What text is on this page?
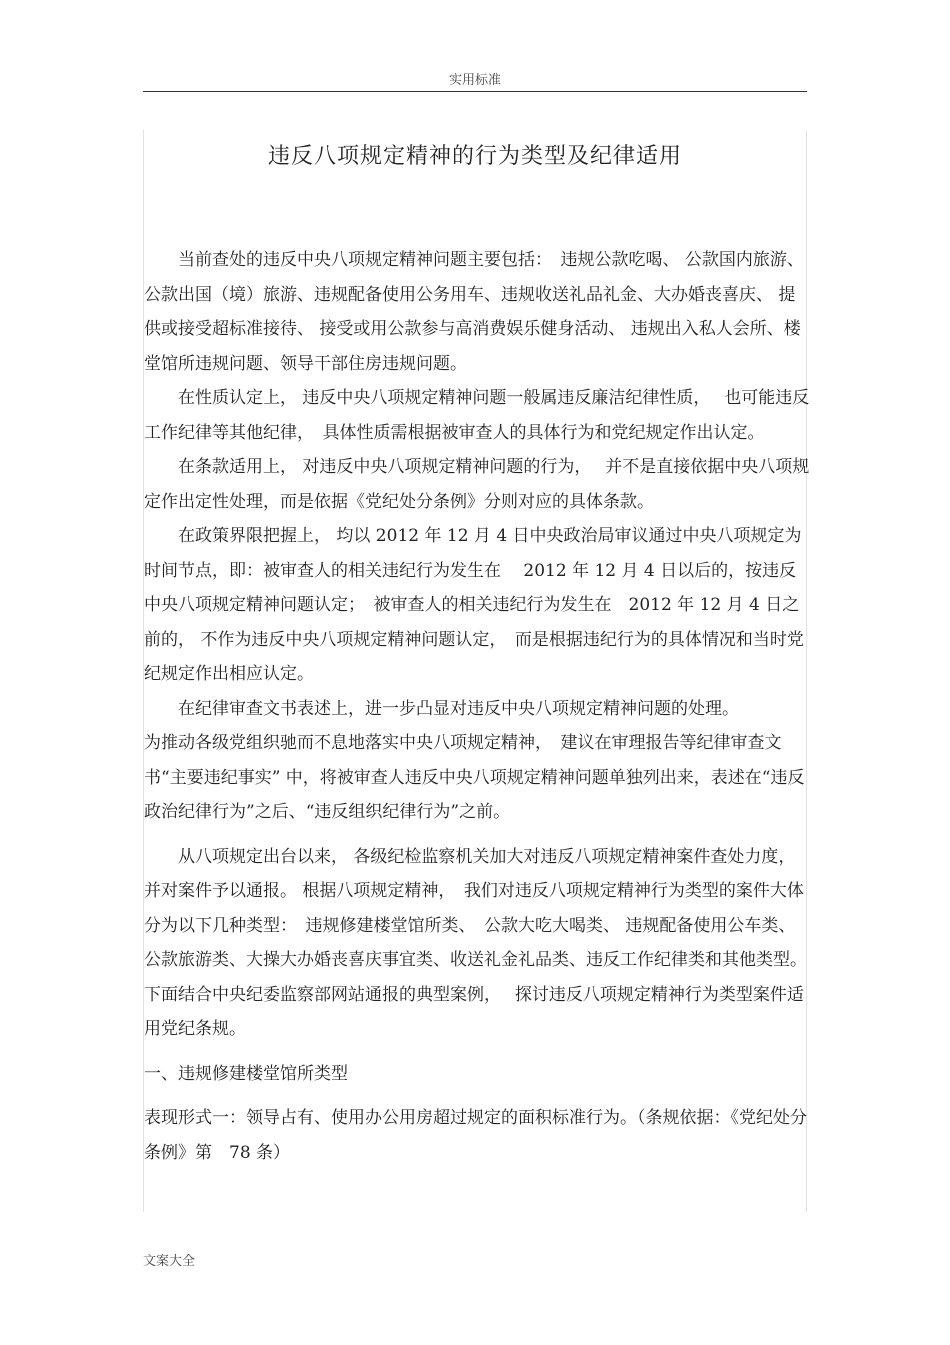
实用标准
违反八项规定精神的行为类型及纪律适用

当前查处的违反中央八项规定精神问题主要包括：　违规公款吃喝、 公款国内旅游、公款出国（境）旅游、违规配备使用公务用车、违规收送礼品礼金、大办婚丧喜庆、 提供或接受超标准接待、 接受或用公款参与高消费娱乐健身活动、 违规出入私人会所、楼堂馆所违规问题、领导干部住房违规问题。

在性质认定上， 违反中央八项规定精神问题一般属违反廉洁纪律性质，　 也可能违反工作纪律等其他纪律，　具体性质需根据被审查人的具体行为和党纪规定作出认定。

在条款适用上， 对违反中央八项规定精神问题的行为，　 并不是直接依据中央八项规定作出定性处理，而是依据《党纪处分条例》分则对应的具体条款。

在政策界限把握上， 均以 2012 年 12 月 4 日中央政治局审议通过中央八项规定为时间节点，即：被审查人的相关违纪行为发生在　 2012 年 12 月 4 日以后的，按违反中央八项规定精神问题认定；　被审查人的相关违纪行为发生在　2012 年 12 月 4 日之前的， 不作为违反中央八项规定精神问题认定，　而是根据违纪行为的具体情况和当时党纪规定作出相应认定。

在纪律审查文书表述上，进一步凸显对违反中央八项规定精神问题的处理。

为推动各级党组织驰而不息地落实中央八项规定精神，　建议在审理报告等纪律审查文书“主要违纪事实” 中，将被审查人违反中央八项规定精神问题单独列出来，表述在“违反政治纪律行为”之后、“违反组织纪律行为”之前。

从八项规定出台以来， 各级纪检监察机关加大对违反八项规定精神案件查处力度，并对案件予以通报。 根据八项规定精神，　我们对违反八项规定精神行为类型的案件大体分为以下几种类型：　违规修建楼堂馆所类、　公款大吃大喝类、 违规配备使用公车类、公款旅游类、大操大办婚丧喜庆事宜类、收送礼金礼品类、违反工作纪律类和其他类型。 下面结合中央纪委监察部网站通报的典型案例，　 探讨违反八项规定精神行为类型案件适用党纪条规。

一、违规修建楼堂馆所类型

表现形式一：领导占有、使用办公用房超过规定的面积标准行为。（条规依据：《党纪处分条例》第　78 条）

文案大全
